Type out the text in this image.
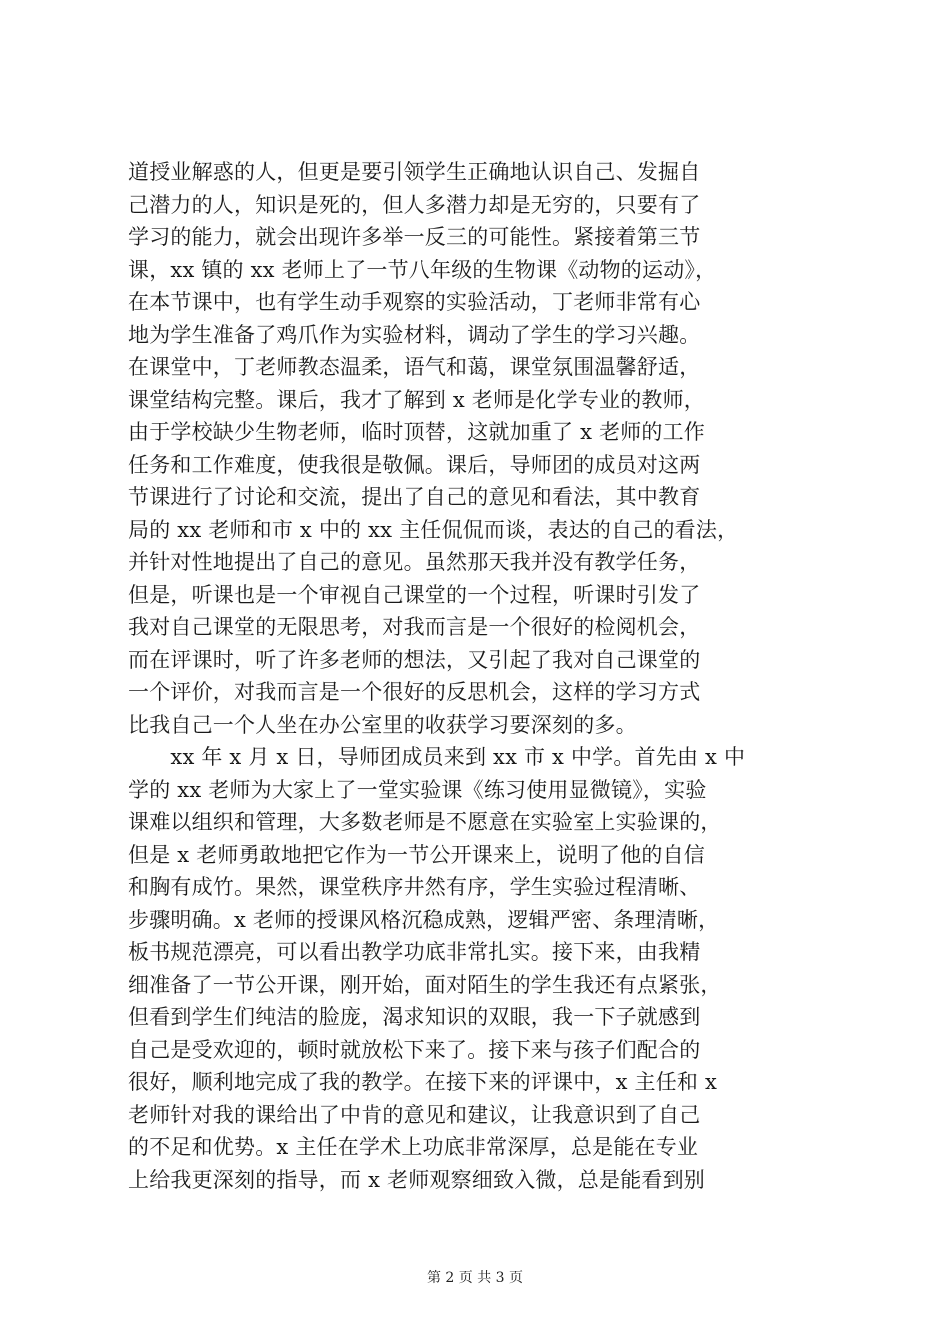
道授业解惑的人，但更是要引领学生正确地认识自己、发掘自
己潜力的人，知识是死的，但人多潜力却是无穷的，只要有了
学习的能力，就会出现许多举一反三的可能性。紧接着第三节
课，xx 镇的 xx 老师上了一节八年级的生物课《动物的运动》，
在本节课中，也有学生动手观察的实验活动，丁老师非常有心
地为学生准备了鸡爪作为实验材料，调动了学生的学习兴趣。
在课堂中，丁老师教态温柔，语气和蔼，课堂氛围温馨舒适，
课堂结构完整。课后，我才了解到 x 老师是化学专业的教师，
由于学校缺少生物老师，临时顶替，这就加重了 x 老师的工作
任务和工作难度，使我很是敬佩。课后，导师团的成员对这两
节课进行了讨论和交流，提出了自己的意见和看法，其中教育
局的 xx 老师和市 x 中的 xx 主任侃侃而谈，表达的自己的看法，
并针对性地提出了自己的意见。虽然那天我并没有教学任务，
但是，听课也是一个审视自己课堂的一个过程，听课时引发了
我对自己课堂的无限思考，对我而言是一个很好的检阅机会，
而在评课时，听了许多老师的想法，又引起了我对自己课堂的
一个评价，对我而言是一个很好的反思机会，这样的学习方式
比我自己一个人坐在办公室里的收获学习要深刻的多。
　　xx 年 x 月 x 日，导师团成员来到 xx 市 x 中学。首先由 x 中
学的 xx 老师为大家上了一堂实验课《练习使用显微镜》，实验
课难以组织和管理，大多数老师是不愿意在实验室上实验课的，
但是 x 老师勇敢地把它作为一节公开课来上，说明了他的自信
和胸有成竹。果然，课堂秩序井然有序，学生实验过程清晰、
步骤明确。x 老师的授课风格沉稳成熟，逻辑严密、条理清晰，
板书规范漂亮，可以看出教学功底非常扎实。接下来，由我精
细准备了一节公开课，刚开始，面对陌生的学生我还有点紧张，
但看到学生们纯洁的脸庞，渴求知识的双眼，我一下子就感到
自己是受欢迎的，顿时就放松下来了。接下来与孩子们配合的
很好，顺利地完成了我的教学。在接下来的评课中，x 主任和 x
老师针对我的课给出了中肯的意见和建议，让我意识到了自己
的不足和优势。x 主任在学术上功底非常深厚，总是能在专业
上给我更深刻的指导，而 x 老师观察细致入微，总是能看到别
第 2 页 共 3 页
